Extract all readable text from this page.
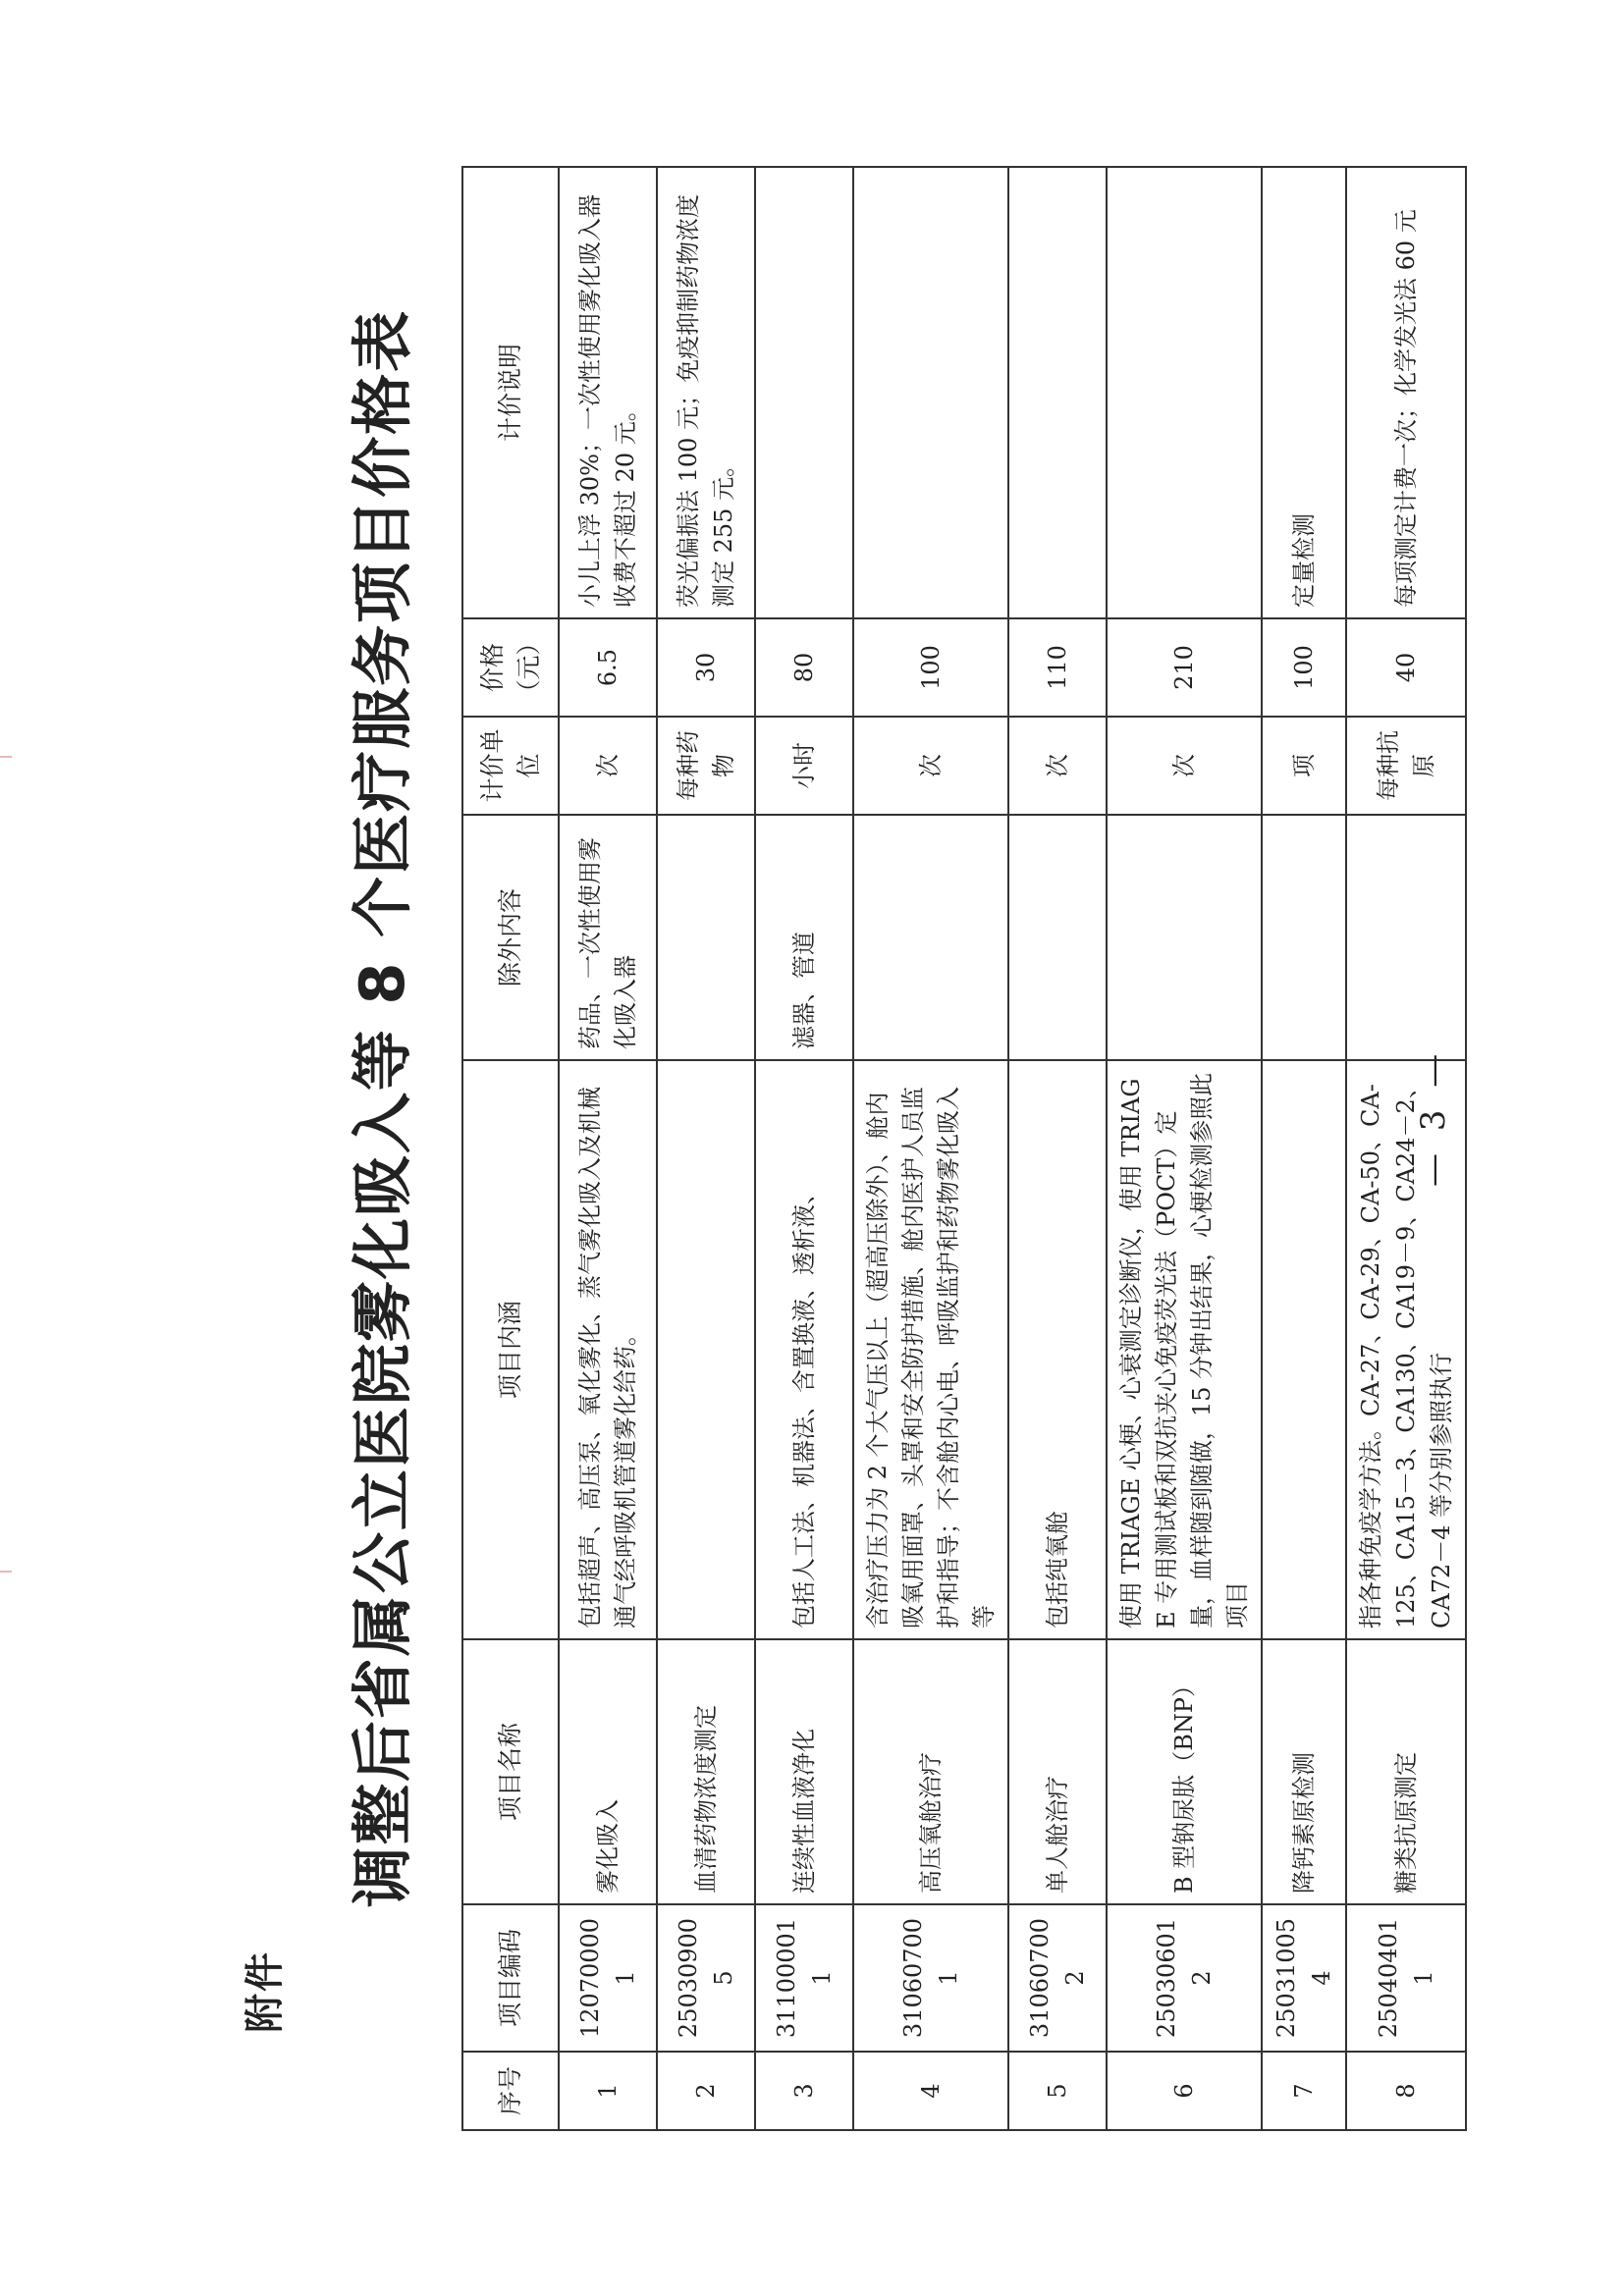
附件
调整后省属公立医院雾化吸入等 8 个医疗服务项目价格表
序号	项目编码	项目名称	项目内涵	除外内容	计价单位	价格（元）	计价说明
1	120700001	雾化吸入	包括超声、高压泵、氧化雾化、蒸气雾化吸入及机械通气经呼吸机管道雾化给药。	药品、一次性使用雾化吸入器	次	6.5	小儿上浮 30%；一次性使用雾化吸入器收费不超过 20 元。
2	250309005	血清药物浓度测定			每种药物	30	荧光偏振法 100 元；免疫抑制药物浓度测定 255 元。
3	311000011	连续性血液净化	包括人工法、机器法、含置换液、透析液、	滤器、管道	小时	80	
4	310607001	高压氧舱治疗	含治疗压力为 2 个大气压以上（超高压除外）、舱内吸氧用面罩、头罩和安全防护措施、舱内医护人员监护和指导；不含舱内心电、呼吸监护和药物雾化吸入等		次	100	
5	310607002	单人舱治疗	包括纯氧舱		次	110	
6	250306012	B 型钠尿肽（BNP）	使用 TRIAGE 心梗、心衰测定诊断仪，使用 TRIAGE 专用测试板和双抗夹心免疫荧光法（POCT）定量，血样随到随做，15 分钟出结果，心梗检测参照此项目		次	210	
7	250310054	降钙素原检测			项	100	定量检测
8	250404011	糖类抗原测定	指各种免疫学方法。CA-27、CA-29、CA-50、CA-125、CA15－3、CA130、CA19－9、CA24－2、CA72－4 等分别参照执行		每种抗原	40	每项测定计费一次；化学发光法 60 元
— 3 —
